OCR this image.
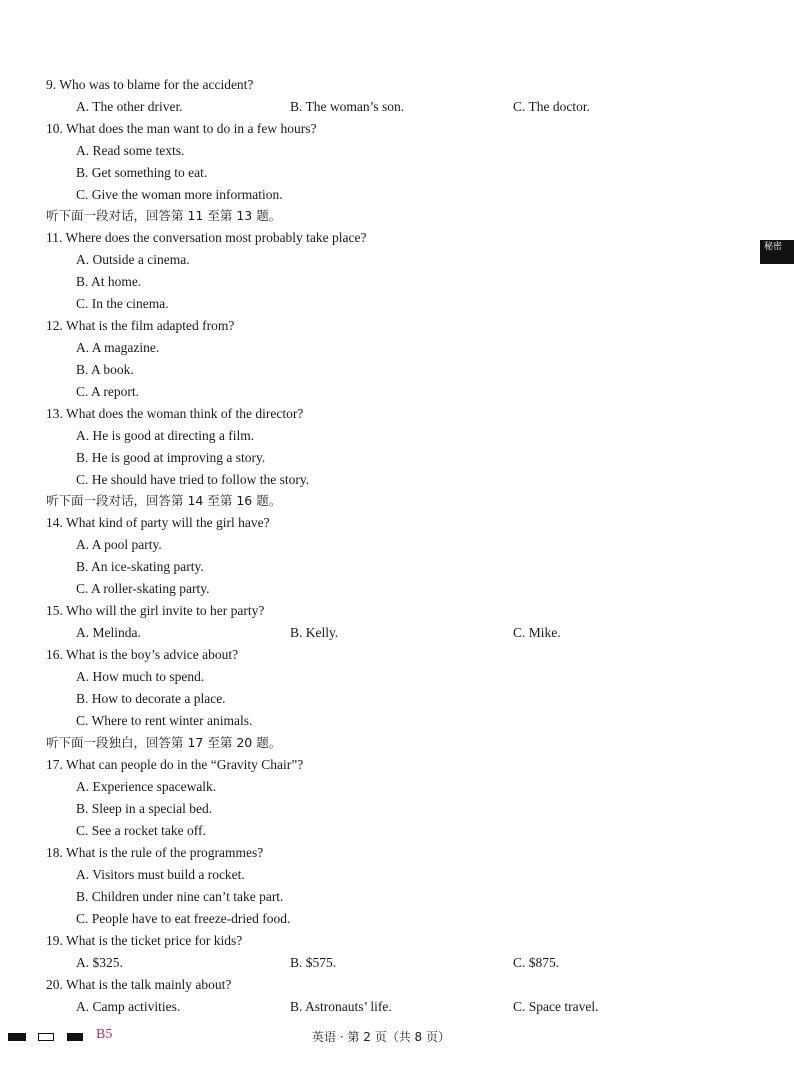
9. Who was to blame for the accident?
A. The other driver.	B. The woman’s son.	C. The doctor.
10. What does the man want to do in a few hours?
A. Read some texts.
B. Get something to eat.
C. Give the woman more information.
听下面一段对话，回答第 11 至第 13 题。
11. Where does the conversation most probably take place?
A. Outside a cinema.
B. At home.
C. In the cinema.
12. What is the film adapted from?
A. A magazine.
B. A book.
C. A report.
13. What does the woman think of the director?
A. He is good at directing a film.
B. He is good at improving a story.
C. He should have tried to follow the story.
听下面一段对话，回答第 14 至第 16 题。
14. What kind of party will the girl have?
A. A pool party.
B. An ice-skating party.
C. A roller-skating party.
15. Who will the girl invite to her party?
A. Melinda.	B. Kelly.	C. Mike.
16. What is the boy’s advice about?
A. How much to spend.
B. How to decorate a place.
C. Where to rent winter animals.
听下面一段独白，回答第 17 至第 20 题。
17. What can people do in the “Gravity Chair”?
A. Experience spacewalk.
B. Sleep in a special bed.
C. See a rocket take off.
18. What is the rule of the programmes?
A. Visitors must build a rocket.
B. Children under nine can’t take part.
C. People have to eat freeze-dried food.
19. What is the ticket price for kids?
A. $325.	B. $575.	C. $875.
20. What is the talk mainly about?
A. Camp activities.	B. Astronauts’ life.	C. Space travel.
秘密
B5	英语 · 第 2 页（共 8 页）
